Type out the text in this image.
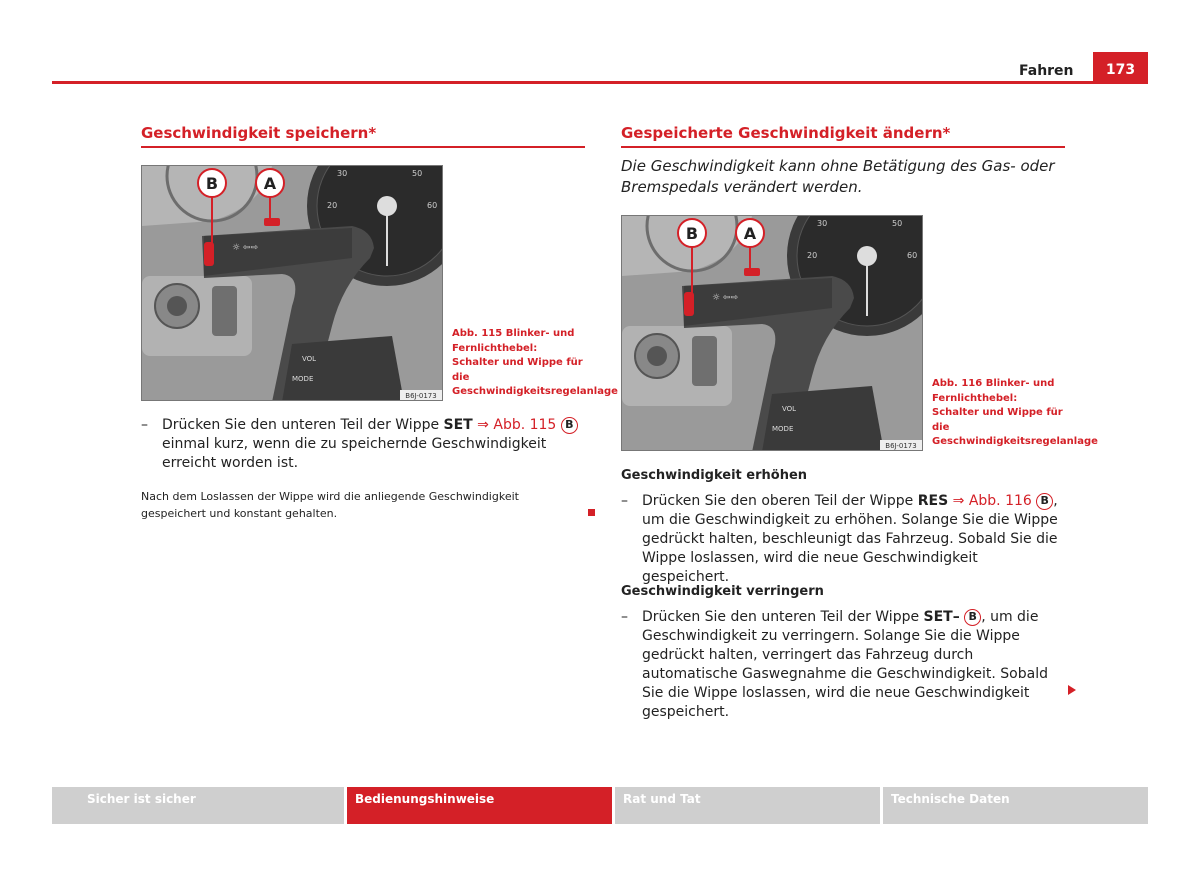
Fahren	173
Geschwindigkeit speichern*
30	50
20	60
☼ ⇦⇨
VOL
MODE
B	A
B6J-0173
Abb. 115 Blinker- und Fernlichthebel: Schalter und Wippe für die Geschwindigkeitsregelanlage
– Drücken Sie den unteren Teil der Wippe SET ⇒ Abb. 115 B einmal kurz, wenn die zu speichernde Geschwindigkeit erreicht worden ist.
Nach dem Loslassen der Wippe wird die anliegende Geschwindigkeit gespeichert und konstant gehalten.
Gespeicherte Geschwindigkeit ändern*
Die Geschwindigkeit kann ohne Betätigung des Gas- oder Bremspedals verändert werden.
30	50
20	60
☼ ⇦⇨
VOL
MODE
B	A
B6J-0173
Abb. 116 Blinker- und Fernlichthebel: Schalter und Wippe für die Geschwindigkeitsregelanlage
Geschwindigkeit erhöhen
– Drücken Sie den oberen Teil der Wippe RES ⇒ Abb. 116 B , um die Geschwindigkeit zu erhöhen. Solange Sie die Wippe gedrückt halten, beschleunigt das Fahrzeug. Sobald Sie die Wippe loslassen, wird die neue Geschwindigkeit gespeichert.
Geschwindigkeit verringern
– Drücken Sie den unteren Teil der Wippe SET– B , um die Geschwindigkeit zu verringern. Solange Sie die Wippe gedrückt halten, verringert das Fahrzeug durch automatische Gaswegnahme die Geschwindigkeit. Sobald Sie die Wippe loslassen, wird die neue Geschwindigkeit gespeichert.
Sicher ist sicher	Bedienungshinweise	Rat und Tat	Technische Daten
